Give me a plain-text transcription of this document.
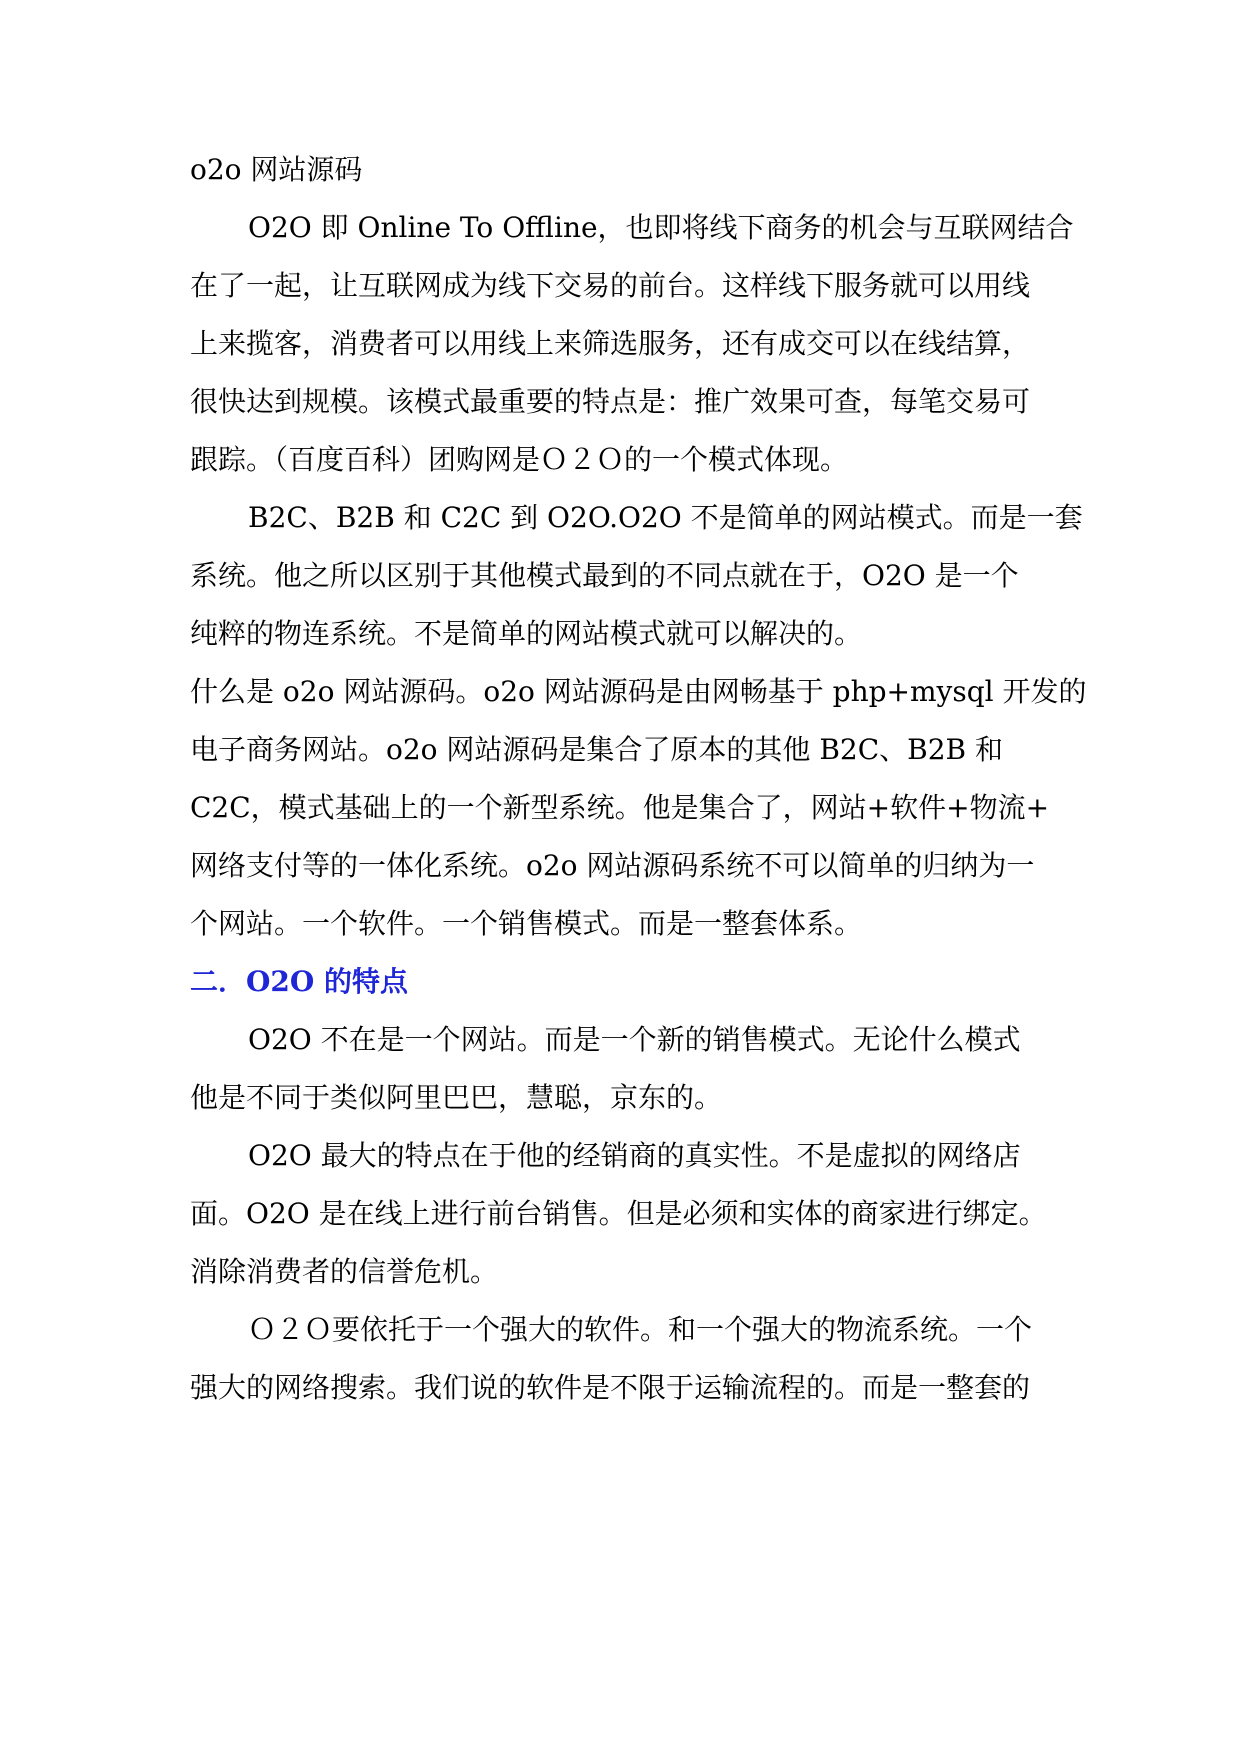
o2o 网站源码
O2O 即 Online To Offline，也即将线下商务的机会与互联网结合
在了一起，让互联网成为线下交易的前台。这样线下服务就可以用线
上来揽客，消费者可以用线上来筛选服务，还有成交可以在线结算，
很快达到规模。该模式最重要的特点是：推广效果可查，每笔交易可
跟踪。（百度百科）团购网是Ｏ２Ｏ的一个模式体现。
B2C、B2B 和 C2C 到 O2O.O2O 不是简单的网站模式。而是一套
系统。他之所以区别于其他模式最到的不同点就在于，O2O 是一个
纯粹的物连系统。不是简单的网站模式就可以解决的。
什么是 o2o 网站源码。o2o 网站源码是由网畅基于 php+mysql 开发的
电子商务网站。o2o 网站源码是集合了原本的其他 B2C、B2B 和
C2C，模式基础上的一个新型系统。他是集合了，网站+软件+物流+
网络支付等的一体化系统。o2o 网站源码系统不可以简单的归纳为一
个网站。一个软件。一个销售模式。而是一整套体系。
二．O2O 的特点
O2O 不在是一个网站。而是一个新的销售模式。无论什么模式
他是不同于类似阿里巴巴，慧聪，京东的。
O2O 最大的特点在于他的经销商的真实性。不是虚拟的网络店
面。O2O 是在线上进行前台销售。但是必须和实体的商家进行绑定。
消除消费者的信誉危机。
Ｏ２Ｏ要依托于一个强大的软件。和一个强大的物流系统。一个
强大的网络搜索。我们说的软件是不限于运输流程的。而是一整套的
